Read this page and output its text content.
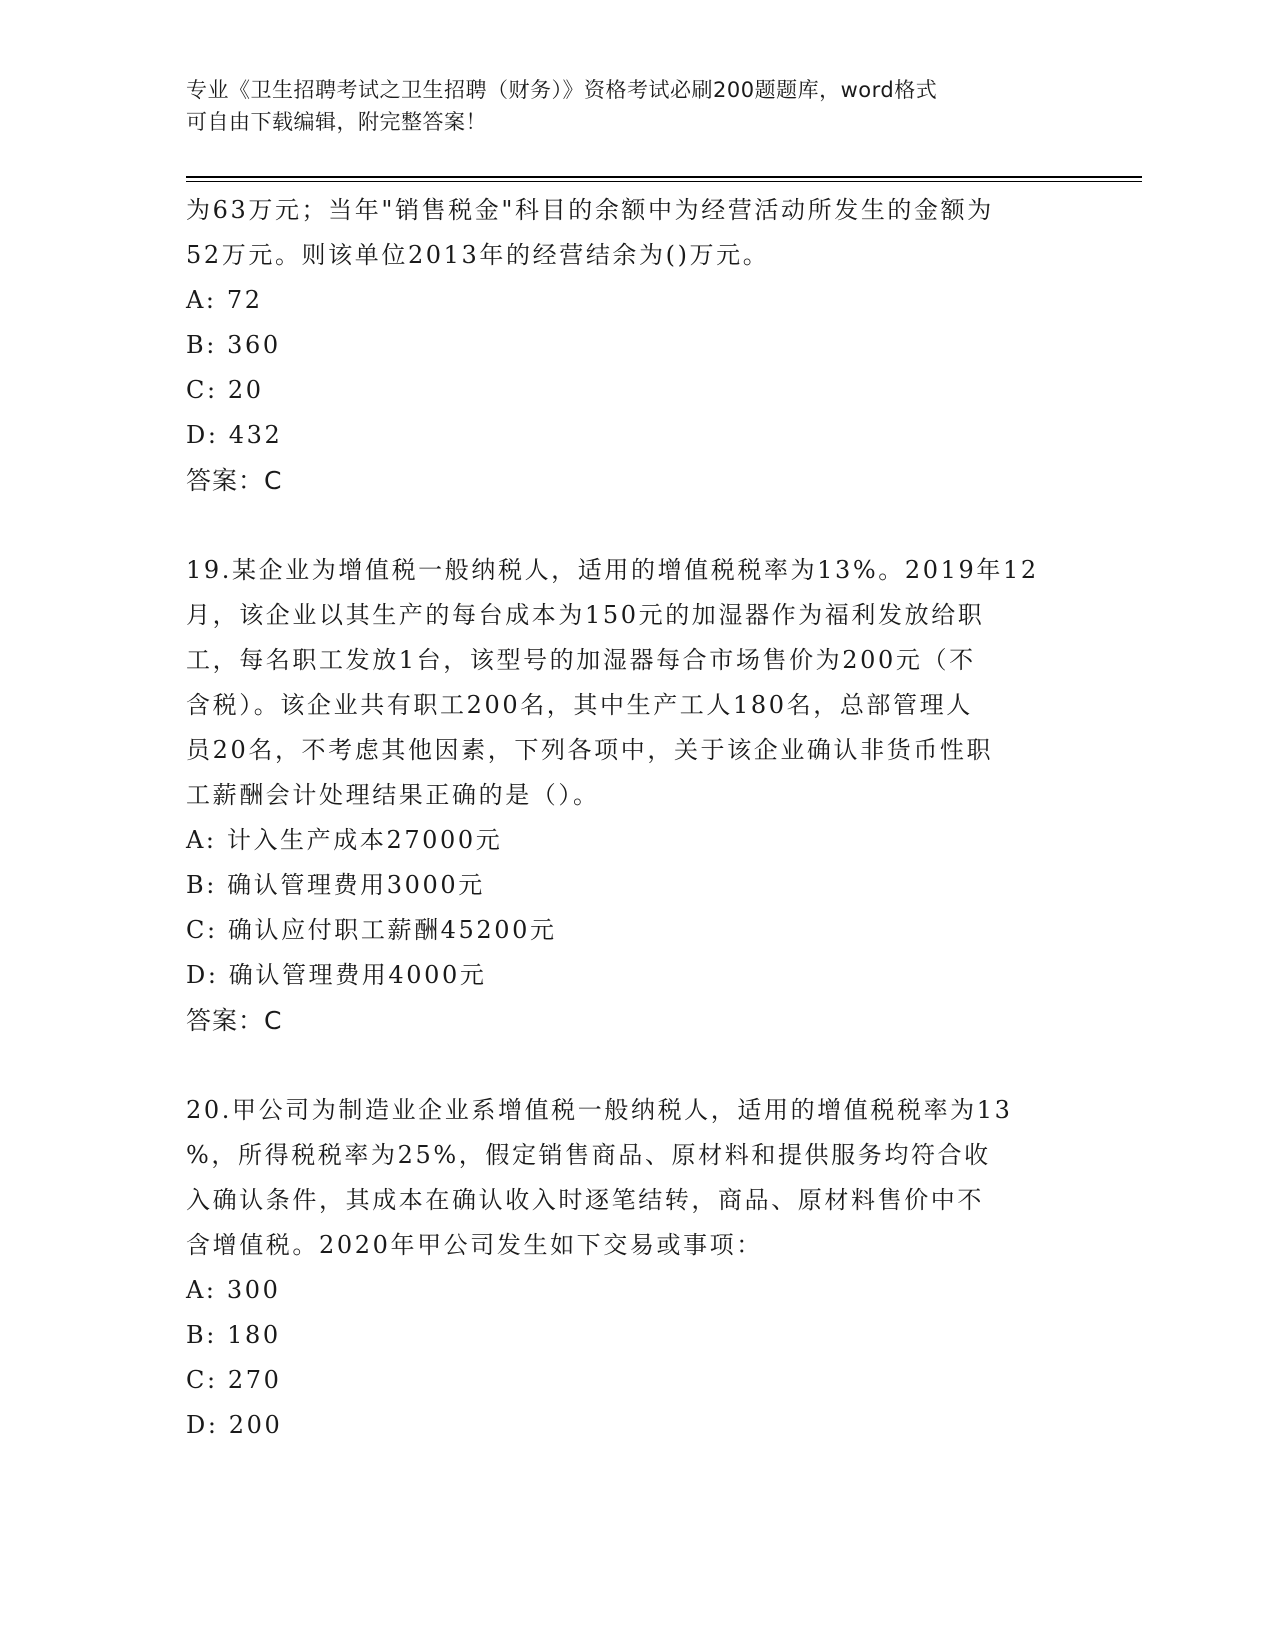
专业《卫生招聘考试之卫生招聘（财务）》资格考试必刷200题题库，word格式
可自由下载编辑，附完整答案！
为63万元；当年"销售税金"科目的余额中为经营活动所发生的金额为
52万元。则该单位2013年的经营结余为()万元。
A: 72
B: 360
C: 20
D: 432
答案：C
19.某企业为增值税一般纳税人，适用的增值税税率为13%。2019年12
月，该企业以其生产的每台成本为150元的加湿器作为福利发放给职
工，每名职工发放1台，该型号的加湿器每合市场售价为200元（不
含税）。该企业共有职工200名，其中生产工人180名，总部管理人
员20名，不考虑其他因素，下列各项中，关于该企业确认非货币性职
工薪酬会计处理结果正确的是（）。
A: 计入生产成本27000元
B: 确认管理费用3000元
C: 确认应付职工薪酬45200元
D: 确认管理费用4000元
答案：C
20.甲公司为制造业企业系增值税一般纳税人，适用的增值税税率为13
%，所得税税率为25%，假定销售商品、原材料和提供服务均符合收
入确认条件，其成本在确认收入时逐笔结转，商品、原材料售价中不
含增值税。2020年甲公司发生如下交易或事项：
A: 300
B: 180
C: 270
D: 200
